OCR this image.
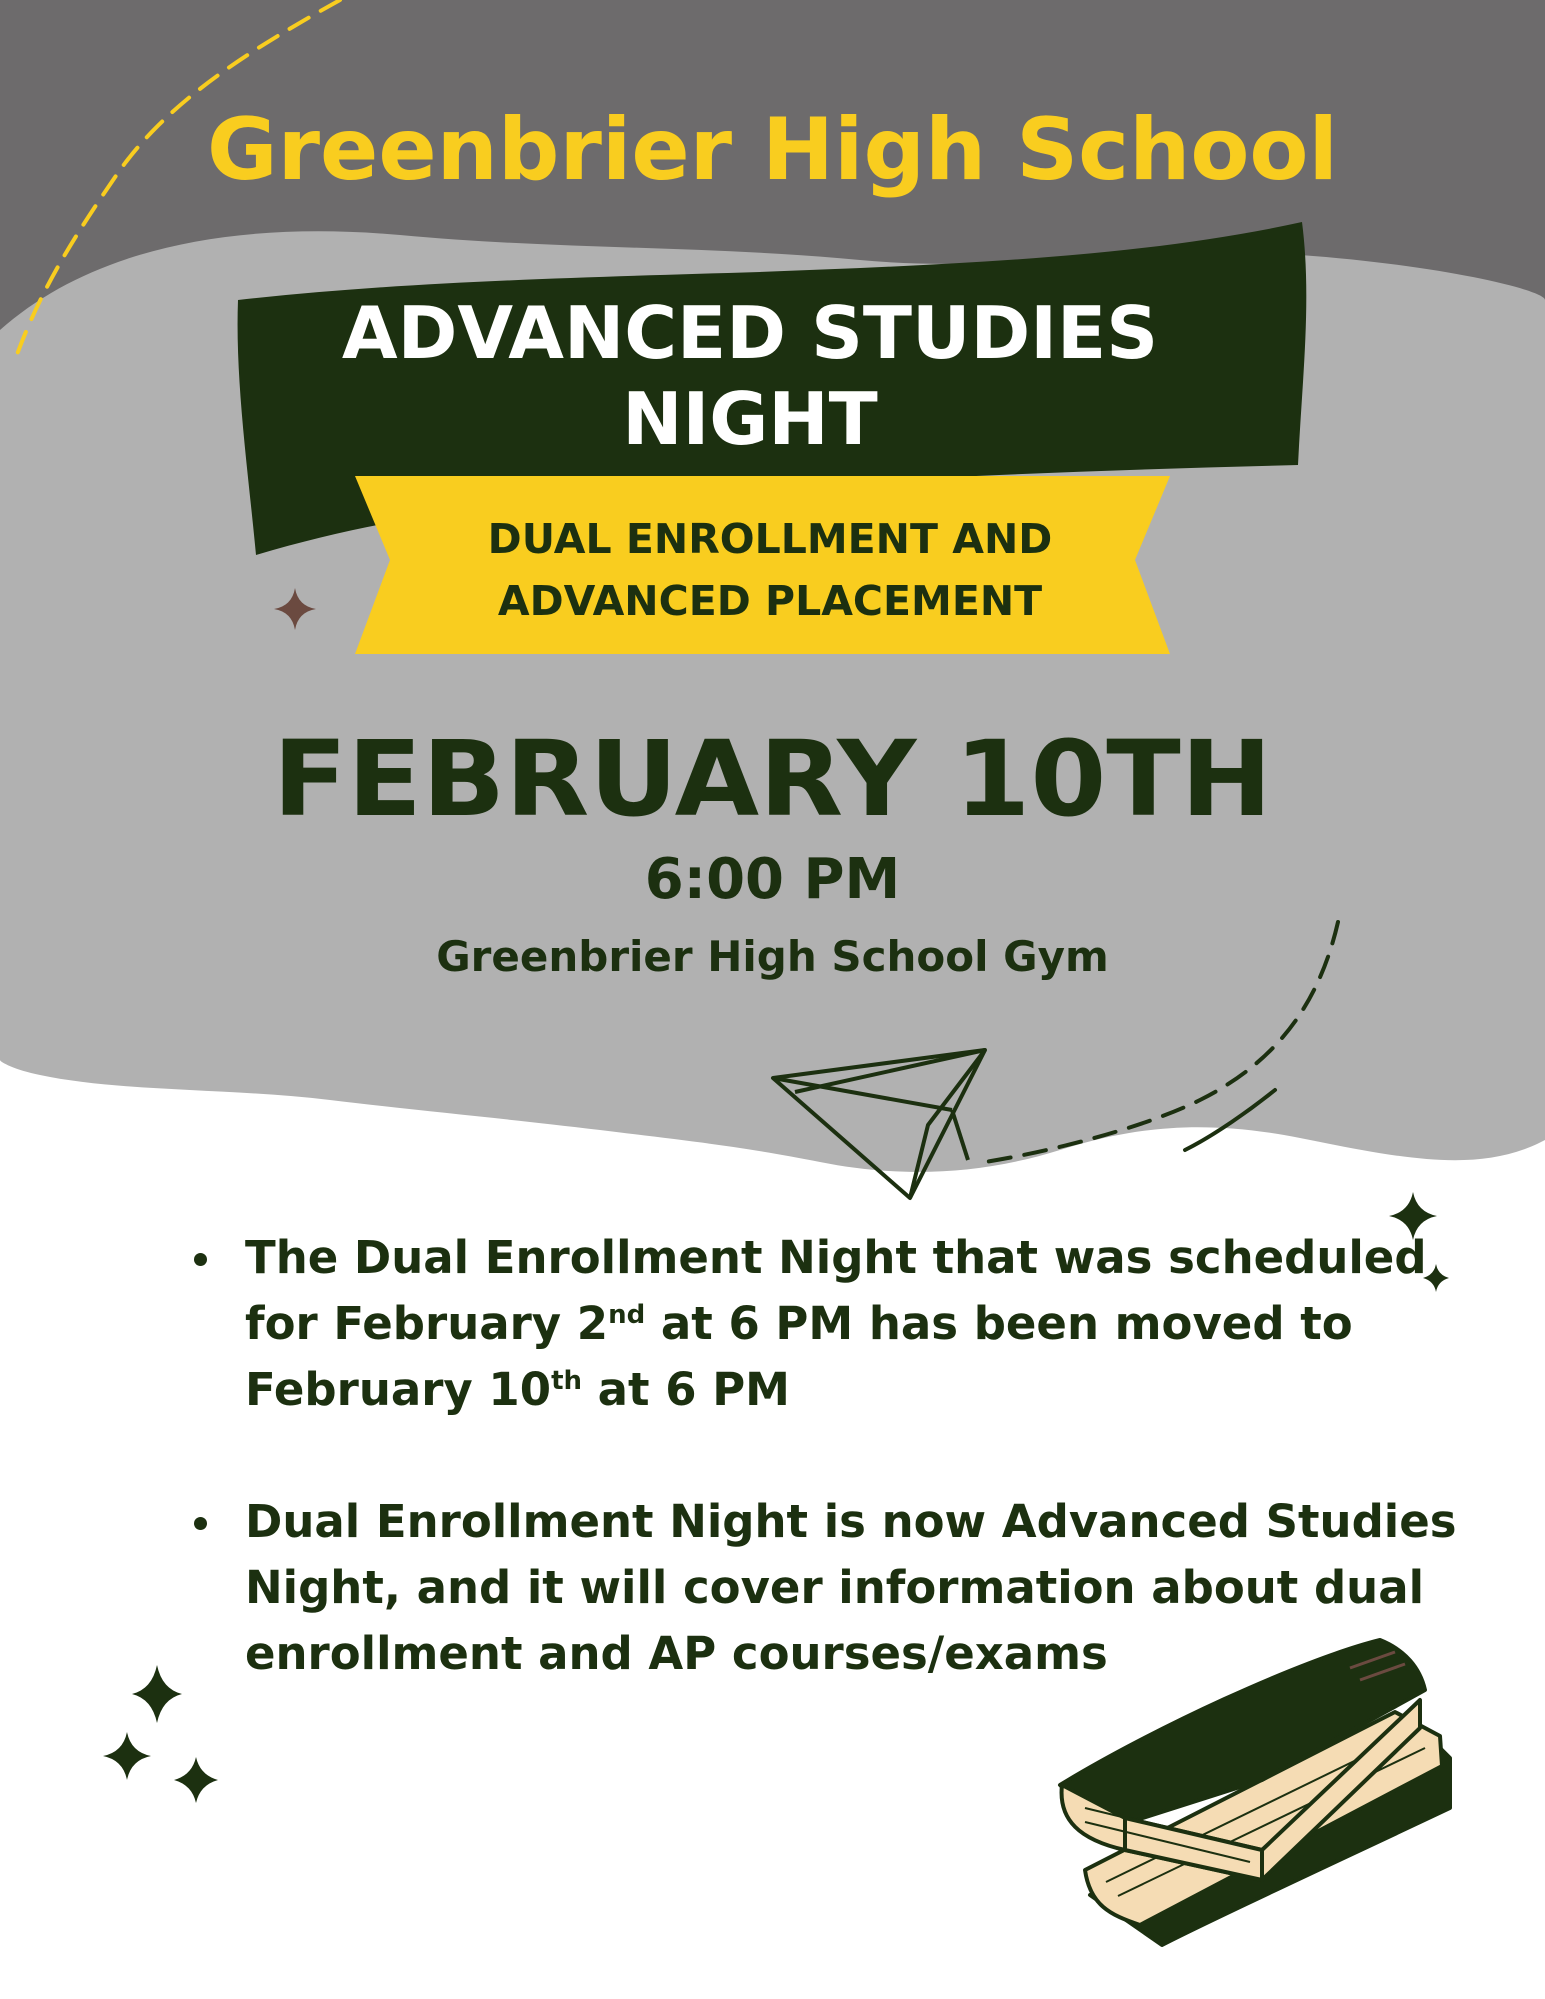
Greenbrier High School
ADVANCED STUDIES NIGHT
DUAL ENROLLMENT AND ADVANCED PLACEMENT
FEBRUARY 10TH
6:00 PM
Greenbrier High School Gym
The Dual Enrollment Night that was scheduled for February 2nd at 6 PM has been moved to February 10th at 6 PM
Dual Enrollment Night is now Advanced Studies Night, and it will cover information about dual enrollment and AP courses/exams
